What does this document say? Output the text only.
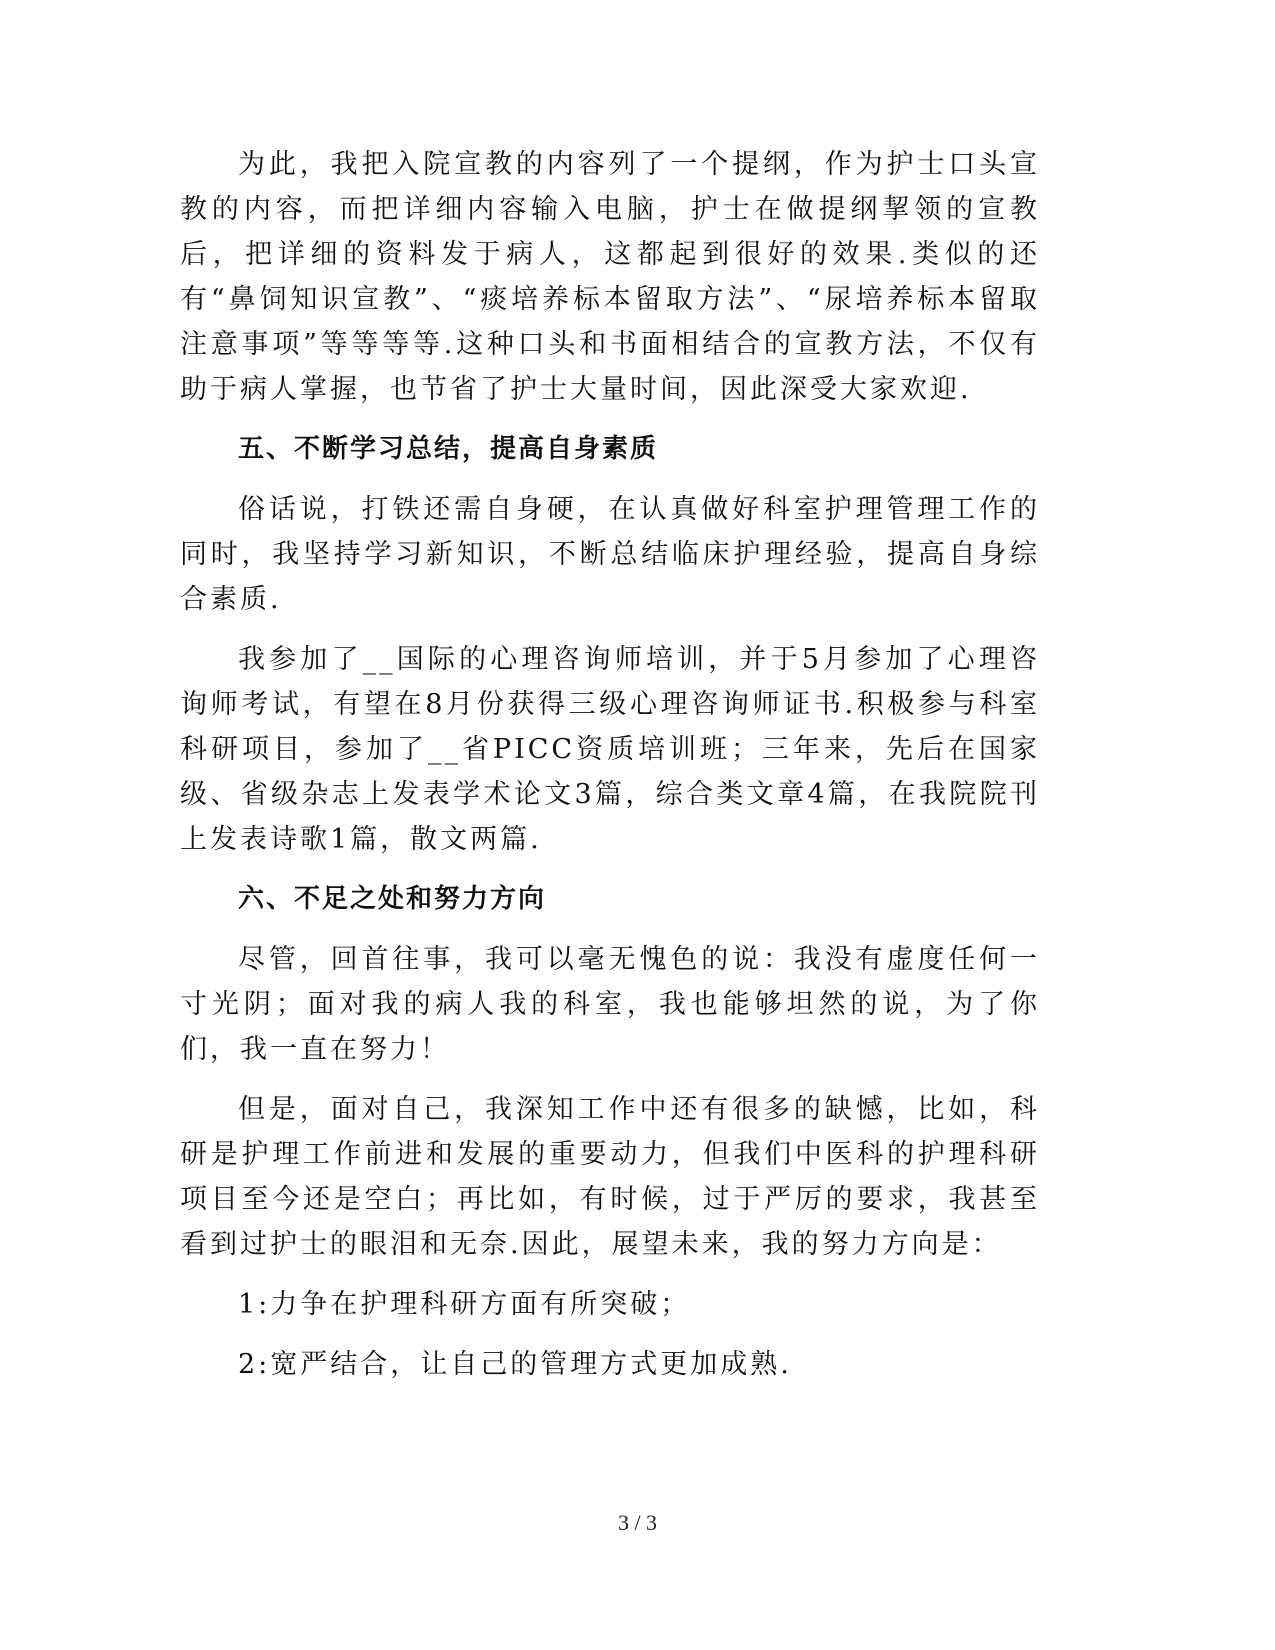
为此，我把入院宣教的内容列了一个提纲，作为护士口头宣教的内容，而把详细内容输入电脑，护士在做提纲挈领的宣教后，把详细的资料发于病人，这都起到很好的效果.类似的还有“鼻饲知识宣教”、“痰培养标本留取方法”、“尿培养标本留取注意事项”等等等等.这种口头和书面相结合的宣教方法，不仅有助于病人掌握，也节省了护士大量时间，因此深受大家欢迎.

五、不断学习总结，提高自身素质

俗话说，打铁还需自身硬，在认真做好科室护理管理工作的同时，我坚持学习新知识，不断总结临床护理经验，提高自身综合素质.

我参加了__国际的心理咨询师培训，并于5月参加了心理咨询师考试，有望在8月份获得三级心理咨询师证书.积极参与科室科研项目，参加了__省PICC资质培训班；三年来，先后在国家级、省级杂志上发表学术论文3篇，综合类文章4篇，在我院院刊上发表诗歌1篇，散文两篇.

六、不足之处和努力方向

尽管，回首往事，我可以毫无愧色的说：我没有虚度任何一寸光阴；面对我的病人我的科室，我也能够坦然的说，为了你们，我一直在努力！

但是，面对自己，我深知工作中还有很多的缺憾，比如，科研是护理工作前进和发展的重要动力，但我们中医科的护理科研项目至今还是空白；再比如，有时候，过于严厉的要求，我甚至看到过护士的眼泪和无奈.因此，展望未来，我的努力方向是：

1:力争在护理科研方面有所突破；

2:宽严结合，让自己的管理方式更加成熟.

3 / 3
